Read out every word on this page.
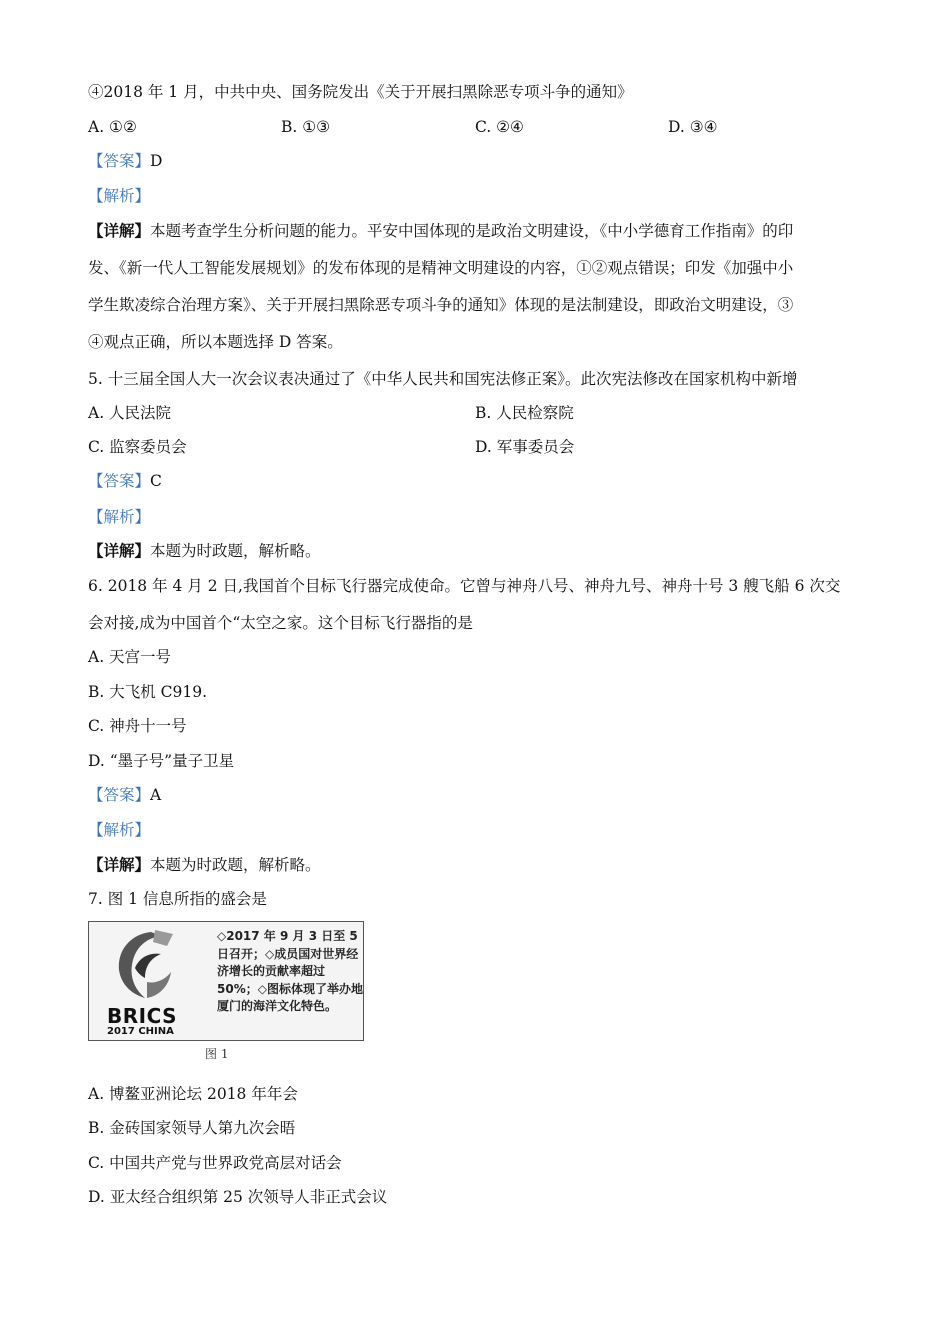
④2018 年 1 月，中共中央、国务院发出《关于开展扫黑除恶专项斗争的通知》
A. ①②	B. ①③	C. ②④	D. ③④
【答案】D
【解析】
【详解】本题考查学生分析问题的能力。平安中国体现的是政治文明建设，《中小学德育工作指南》的印
发、《新一代人工智能发展规划》的发布体现的是精神文明建设的内容，①②观点错误；印发《加强中小
学生欺凌综合治理方案》、关于开展扫黑除恶专项斗争的通知》体现的是法制建设，即政治文明建设，③
④观点正确，所以本题选择 D 答案。
5. 十三届全国人大一次会议表决通过了《中华人民共和国宪法修正案》。此次宪法修改在国家机构中新增
A. 人民法院	B. 人民检察院
C. 监察委员会	D. 军事委员会
【答案】C
【解析】
【详解】本题为时政题，解析略。
6. 2018 年 4 月 2 日,我国首个目标飞行器完成使命。它曾与神舟八号、神舟九号、神舟十号 3 艘飞船 6 次交
会对接,成为中国首个“太空之家。这个目标飞行器指的是
A. 天宫一号
B. 大飞机 C919.
C. 神舟十一号
D. “墨子号”量子卫星
【答案】A
【解析】
【详解】本题为时政题，解析略。
7. 图 1 信息所指的盛会是
BRICS
2017 CHINA
◇2017 年 9 月 3 日至 5 日召开；◇成员国对世界经济增长的贡献率超过 50%；◇图标体现了举办地厦门的海洋文化特色。
图 1
A. 博鳌亚洲论坛 2018 年年会
B. 金砖国家领导人第九次会晤
C. 中国共产党与世界政党高层对话会
D. 亚太经合组织第 25 次领导人非正式会议
